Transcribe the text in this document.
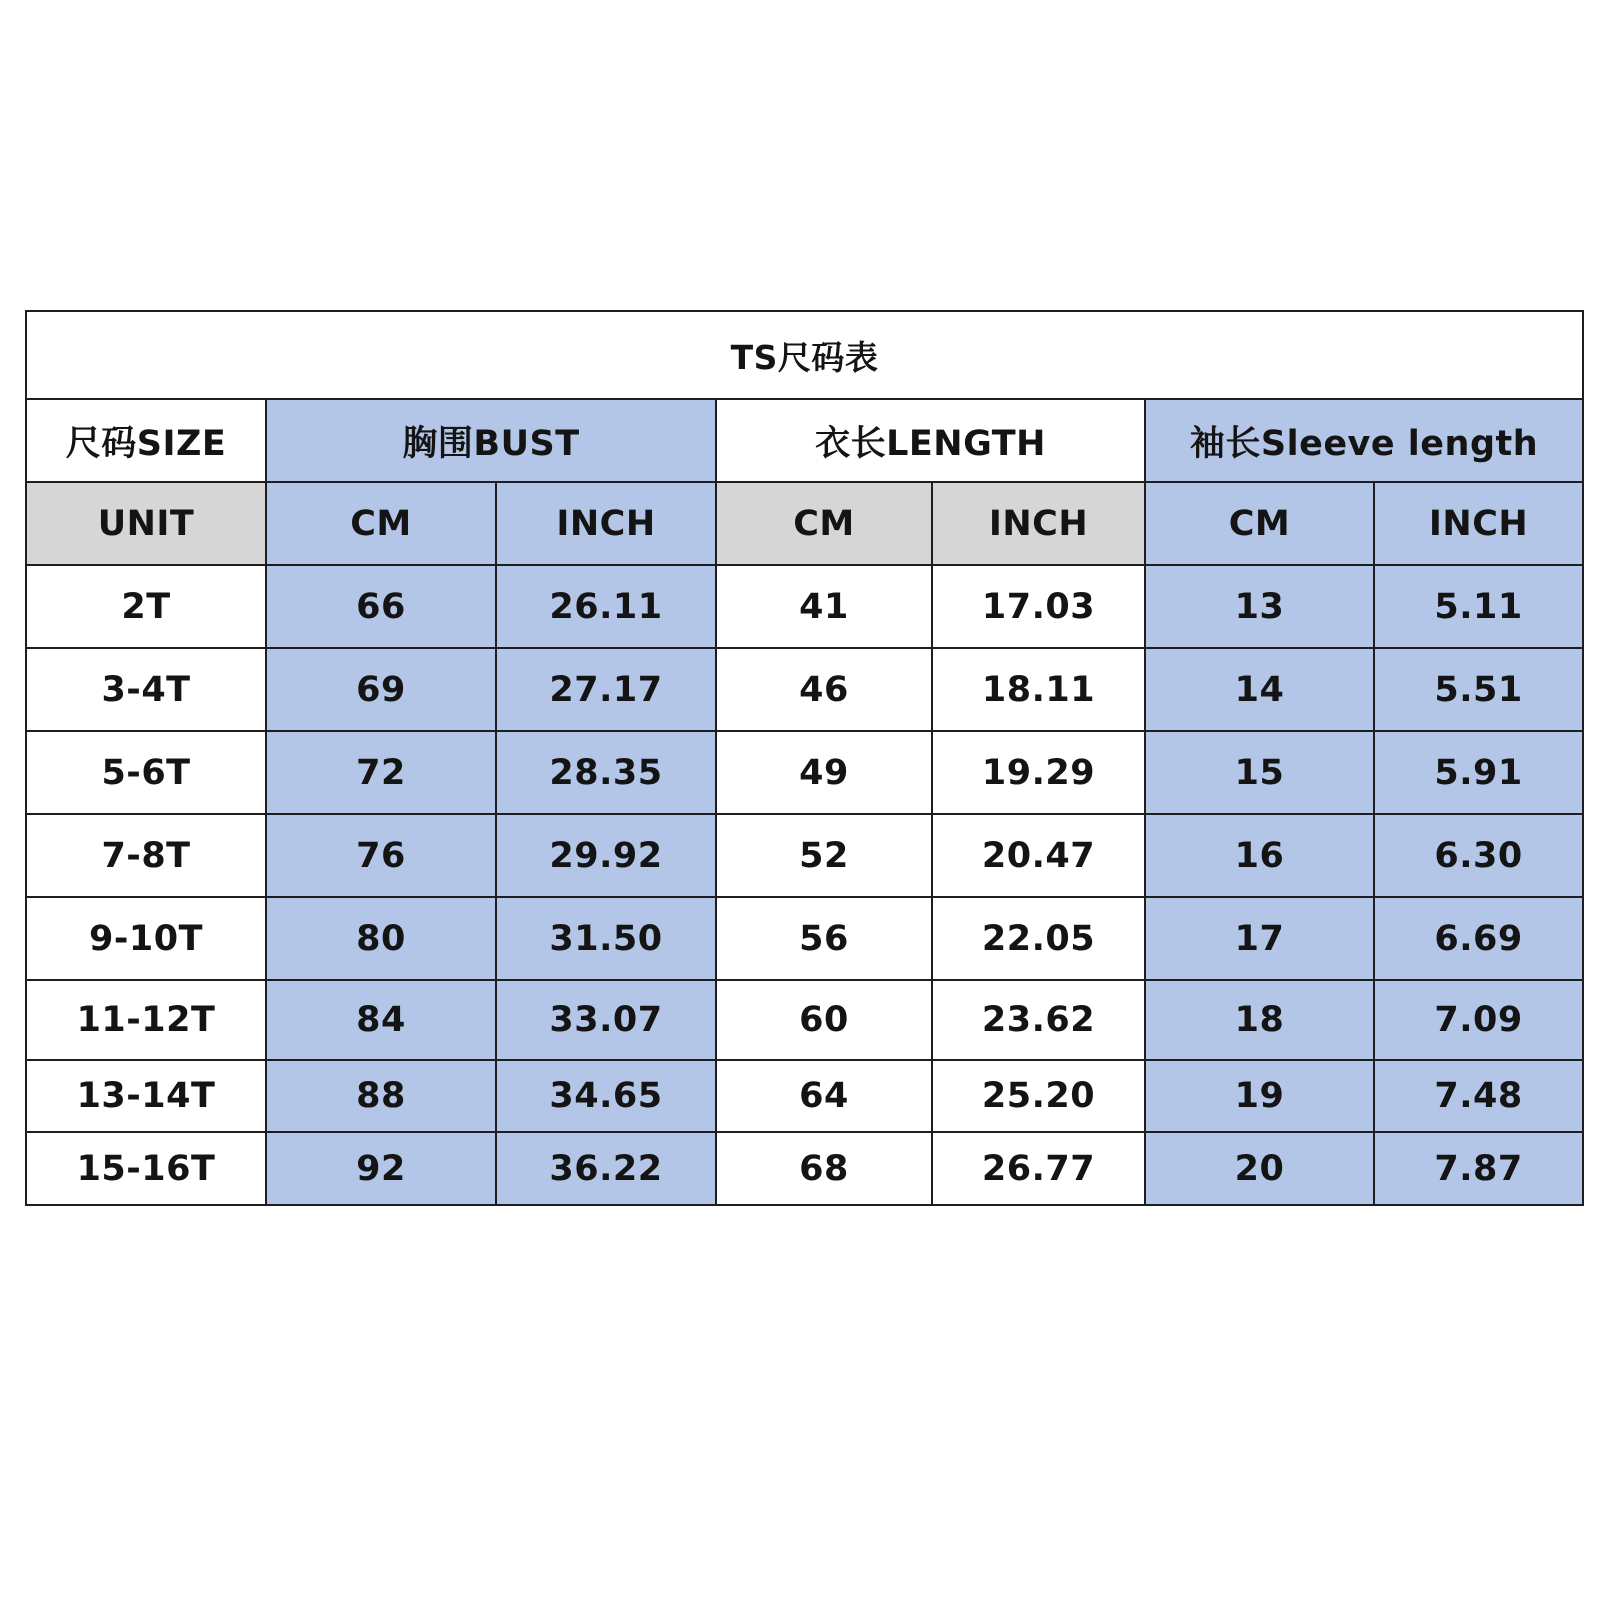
TS尺码表						
尺码SIZE	胸围BUST		衣长LENGTH		袖长Sleeve length	
UNIT	CM	INCH	CM	INCH	CM	INCH
2T	66	26.11	41	17.03	13	5.11
3-4T	69	27.17	46	18.11	14	5.51
5-6T	72	28.35	49	19.29	15	5.91
7-8T	76	29.92	52	20.47	16	6.30
9-10T	80	31.50	56	22.05	17	6.69
11-12T	84	33.07	60	23.62	18	7.09
13-14T	88	34.65	64	25.20	19	7.48
15-16T	92	36.22	68	26.77	20	7.87
